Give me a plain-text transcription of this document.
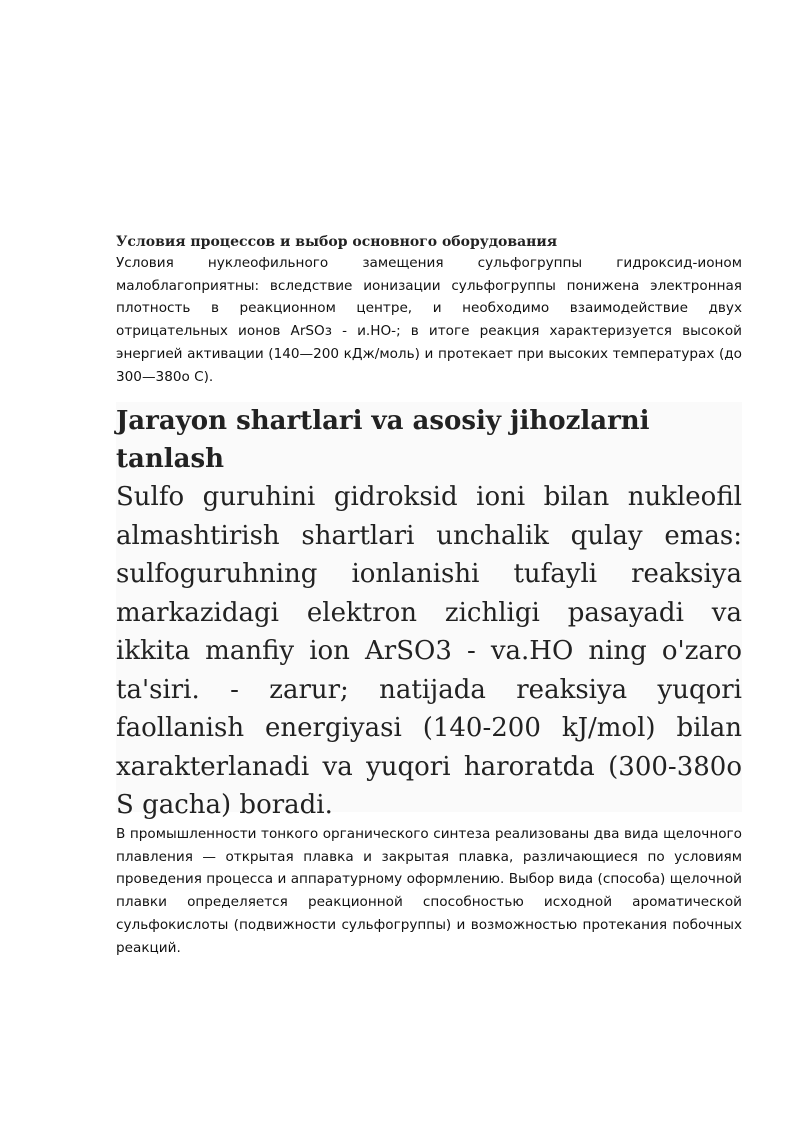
Условия процессов и выбор основного оборудования

Условия нуклеофильного замещения сульфогруппы гидроксид-ионом малоблагоприятны: вследствие ионизации сульфогруппы понижена электронная плотность в реакционном центре, и необходимо взаимодействие двух отрицательных ионов ArSOз - и.НО-; в итоге реакция характеризуется высокой энергией активации (140—200 кДж/моль) и протекает при высоких температурах (до 300—380о С).

Jarayon shartlari va asosiy jihozlarni tanlash

Sulfo guruhini gidroksid ioni bilan nukleofil almashtirish shartlari unchalik qulay emas: sulfoguruhning ionlanishi tufayli reaksiya markazidagi elektron zichligi pasayadi va ikkita manfiy ion ArSO3 - va.HO ning o'zaro ta'siri. - zarur; natijada reaksiya yuqori faollanish energiyasi (140-200 kJ/mol) bilan xarakterlanadi va yuqori haroratda (300-380o S gacha) boradi.

В промышленности тонкого органического синтеза реализованы два вида щелочного плавления — открытая плавка и закрытая плавка, различающиеся по условиям проведения процесса и аппаратурному оформлению. Выбор вида (способа) щелочной плавки определяется реакционной способностью исходной ароматической сульфокислоты (подвижности сульфогруппы) и возможностью протекания побочных реакций.
